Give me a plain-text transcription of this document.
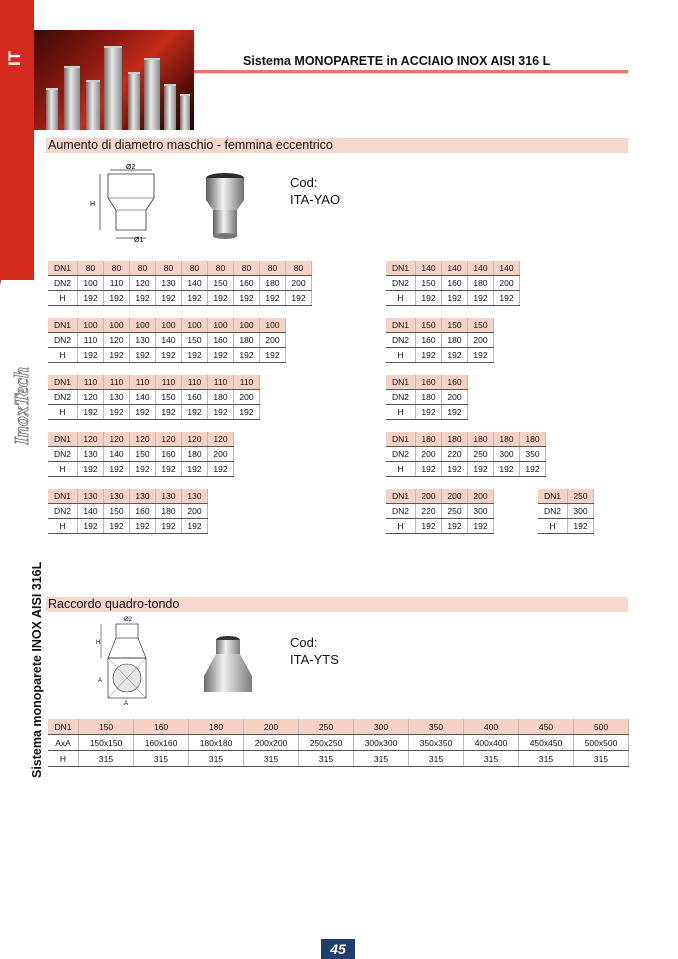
IT	Sistema MONOPARETE in ACCIAIO INOX AISI 316 L
InoxTech
Sistema monoparete INOX AISI 316L
Aumento di diametro maschio - femmina eccentrico
Ø2
H
Ø1
Cod:
ITA-YAO
DN1	80	80	80	80	80	80	80	80	80
DN2	100	110	120	130	140	150	160	180	200
H	192	192	192	192	192	192	192	192	192
DN1	100	100	100	100	100	100	100	100
DN2	110	120	130	140	150	160	180	200
H	192	192	192	192	192	192	192	192
DN1	110	110	110	110	110	110	110
DN2	120	130	140	150	160	180	200
H	192	192	192	192	192	192	192
DN1	120	120	120	120	120	120
DN2	130	140	150	160	180	200
H	192	192	192	192	192	192
DN1	130	130	130	130	130
DN2	140	150	160	180	200
H	192	192	192	192	192
DN1	140	140	140	140
DN2	150	160	180	200
H	192	192	192	192
DN1	150	150	150
DN2	160	180	200
H	192	192	192
DN1	160	160
DN2	180	200
H	192	192
DN1	180	180	180	180	180
DN2	200	220	250	300	350
H	192	192	192	192	192
DN1	200	200	200
DN2	220	250	300
H	192	192	192
DN1	250
DN2	300
H	192
Raccordo quadro-tondo
Ø2
H
A
A
Cod:
ITA-YTS
DN1	150	160	180	200	250	300	350	400	450	500
AxA	150x150	160x160	180x180	200x200	250x250	300x300	350x350	400x400	450x450	500x500
H	315	315	315	315	315	315	315	315	315	315
45
